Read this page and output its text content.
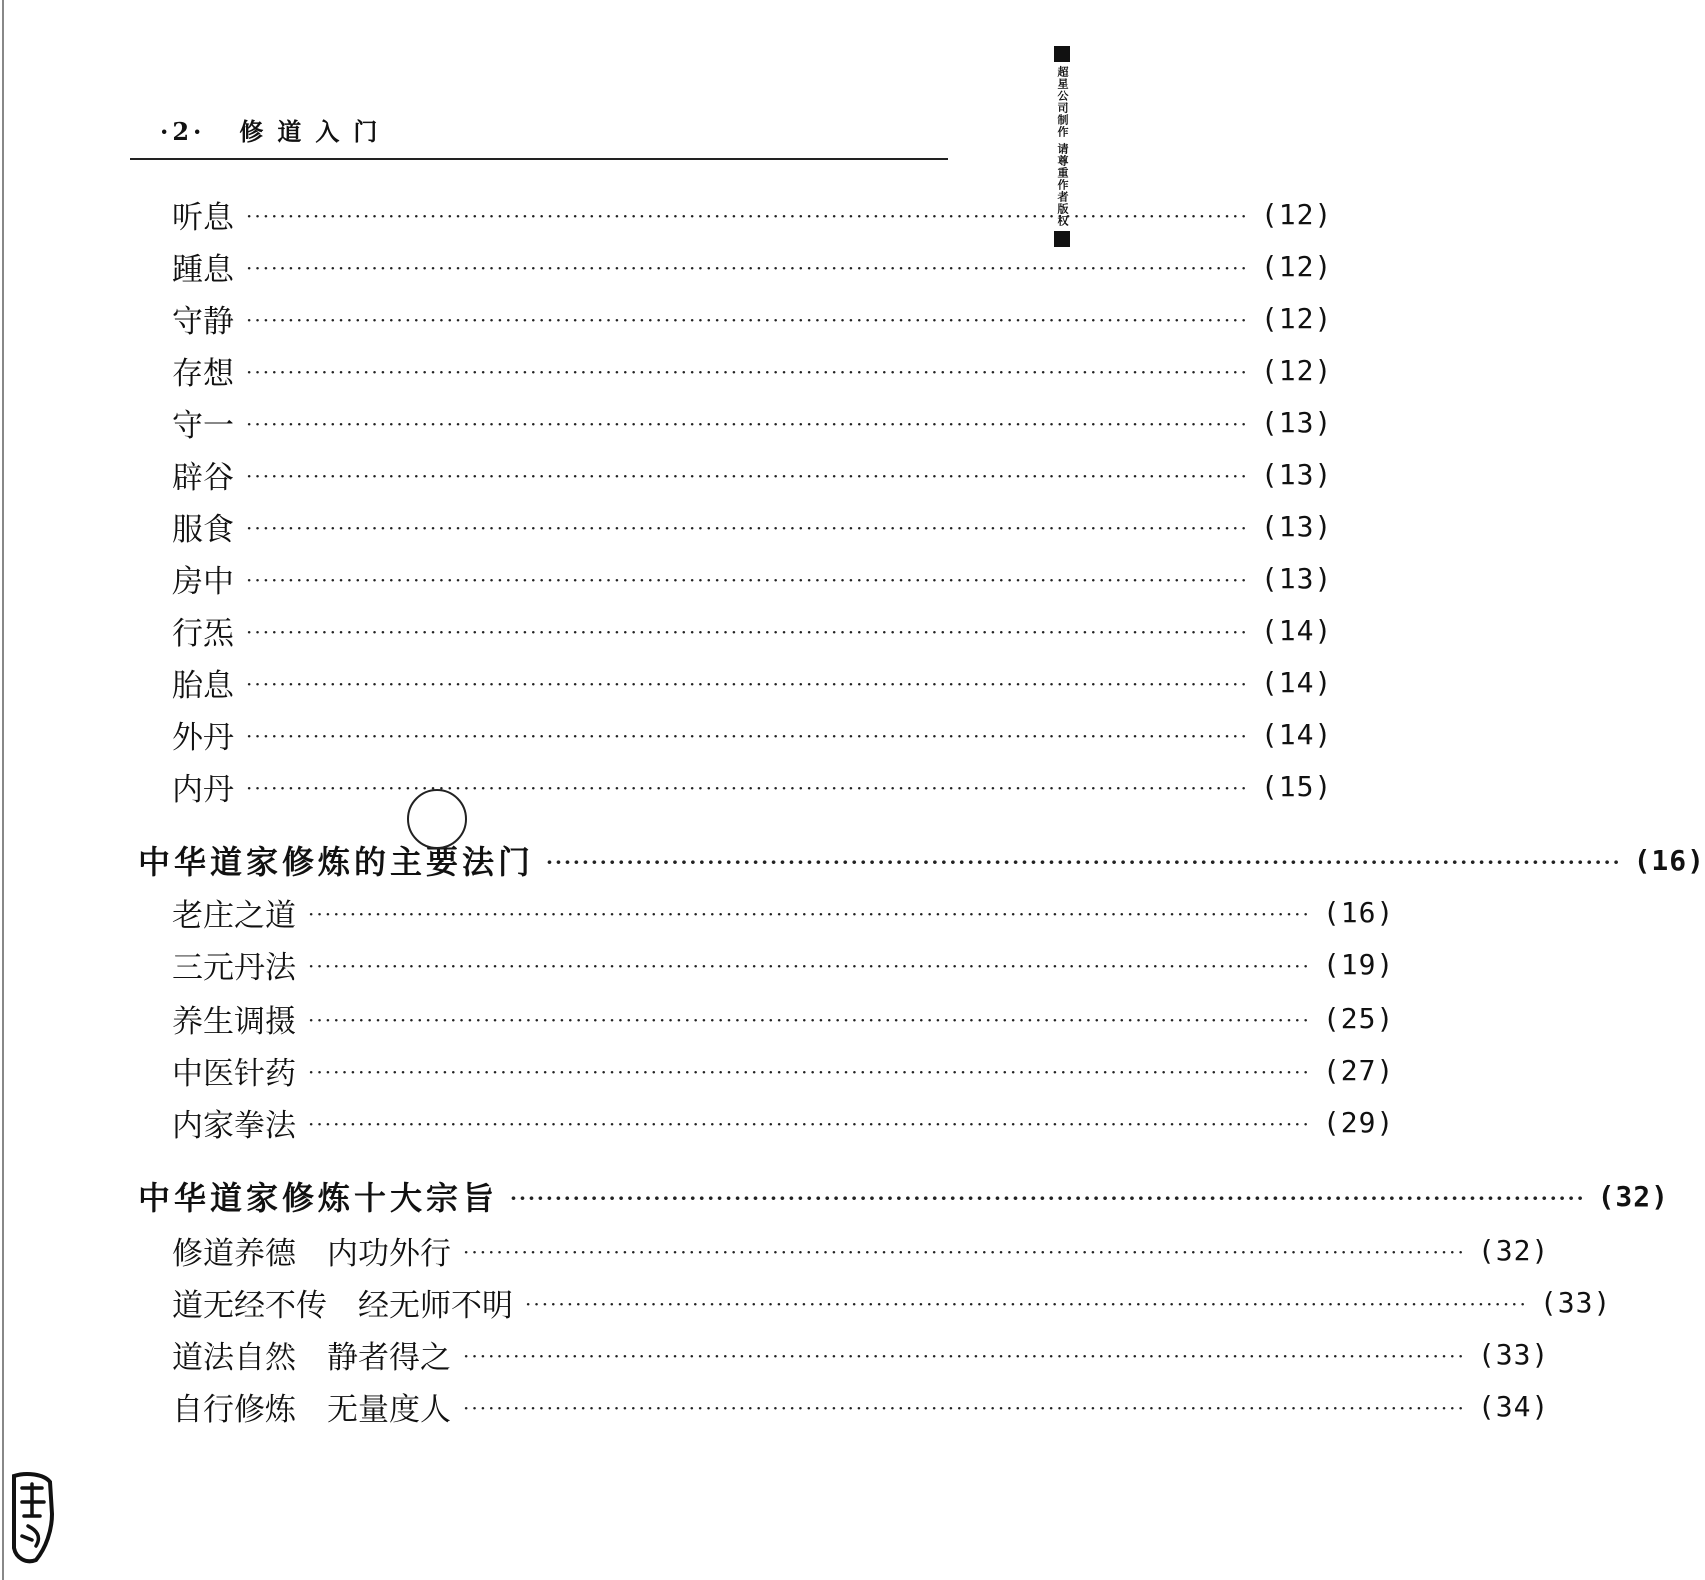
·2· 修道入门
听息 ························································································································ (12)
踵息 ························································································································ (12)
守静 ························································································································ (12)
存想 ························································································································ (12)
守一 ························································································································ (13)
辟谷 ························································································································ (13)
服食 ························································································································ (13)
房中 ························································································································ (13)
行炁 ························································································································ (14)
胎息 ························································································································ (14)
外丹 ························································································································ (14)
内丹 ························································································································ (15)
中华道家修炼的主要法门 ························································································································ (16)
老庄之道 ························································································································ (16)
三元丹法 ························································································································ (19)
养生调摄 ························································································································ (25)
中医针药 ························································································································ (27)
内家拳法 ························································································································ (29)
中华道家修炼十大宗旨 ························································································································ (32)
修道养德　内功外行 ························································································································ (32)
道无经不传　经无师不明 ························································································································ (33)
道法自然　静者得之 ························································································································ (33)
自行修炼　无量度人 ························································································································ (34)
超星公司制作 请尊重作者版权
